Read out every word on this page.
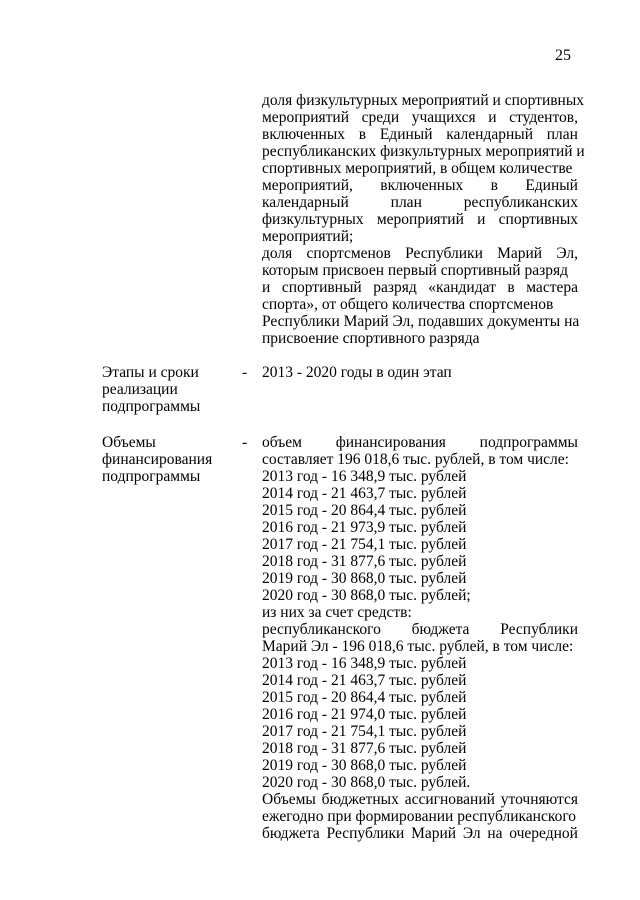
25
доля физкультурных мероприятий и спортивных
мероприятий среди учащихся и студентов,
включенных в Единый календарный план
республиканских физкультурных мероприятий и
спортивных мероприятий, в общем количестве
мероприятий, включенных в Единый
календарный	план	республиканских
физкультурных мероприятий и спортивных
мероприятий;
доля спортсменов Республики Марий Эл,
которым присвоен первый спортивный разряд
и спортивный разряд «кандидат в мастера
спорта», от общего количества спортсменов
Республики Марий Эл, подавших документы на
присвоение спортивного разряда
Этапы и сроки
реализации
подпрограммы
- 2013 - 2020 годы в один этап
Объемы
финансирования
подпрограммы
- объем финансирования подпрограммы
составляет 196 018,6 тыс. рублей, в том числе:
2013 год - 16 348,9 тыс. рублей
2014 год - 21 463,7 тыс. рублей
2015 год - 20 864,4 тыс. рублей
2016 год - 21 973,9 тыс. рублей
2017 год - 21 754,1 тыс. рублей
2018 год - 31 877,6 тыс. рублей
2019 год - 30 868,0 тыс. рублей
2020 год - 30 868,0 тыс. рублей;
из них за счет средств:
республиканского бюджета Республики
Марий Эл - 196 018,6 тыс. рублей, в том числе:
2013 год - 16 348,9 тыс. рублей
2014 год - 21 463,7 тыс. рублей
2015 год - 20 864,4 тыс. рублей
2016 год - 21 974,0 тыс. рублей
2017 год - 21 754,1 тыс. рублей
2018 год - 31 877,6 тыс. рублей
2019 год - 30 868,0 тыс. рублей
2020 год - 30 868,0 тыс. рублей.
Объемы бюджетных ассигнований уточняются
ежегодно при формировании республиканского
бюджета Республики Марий Эл на очередной
